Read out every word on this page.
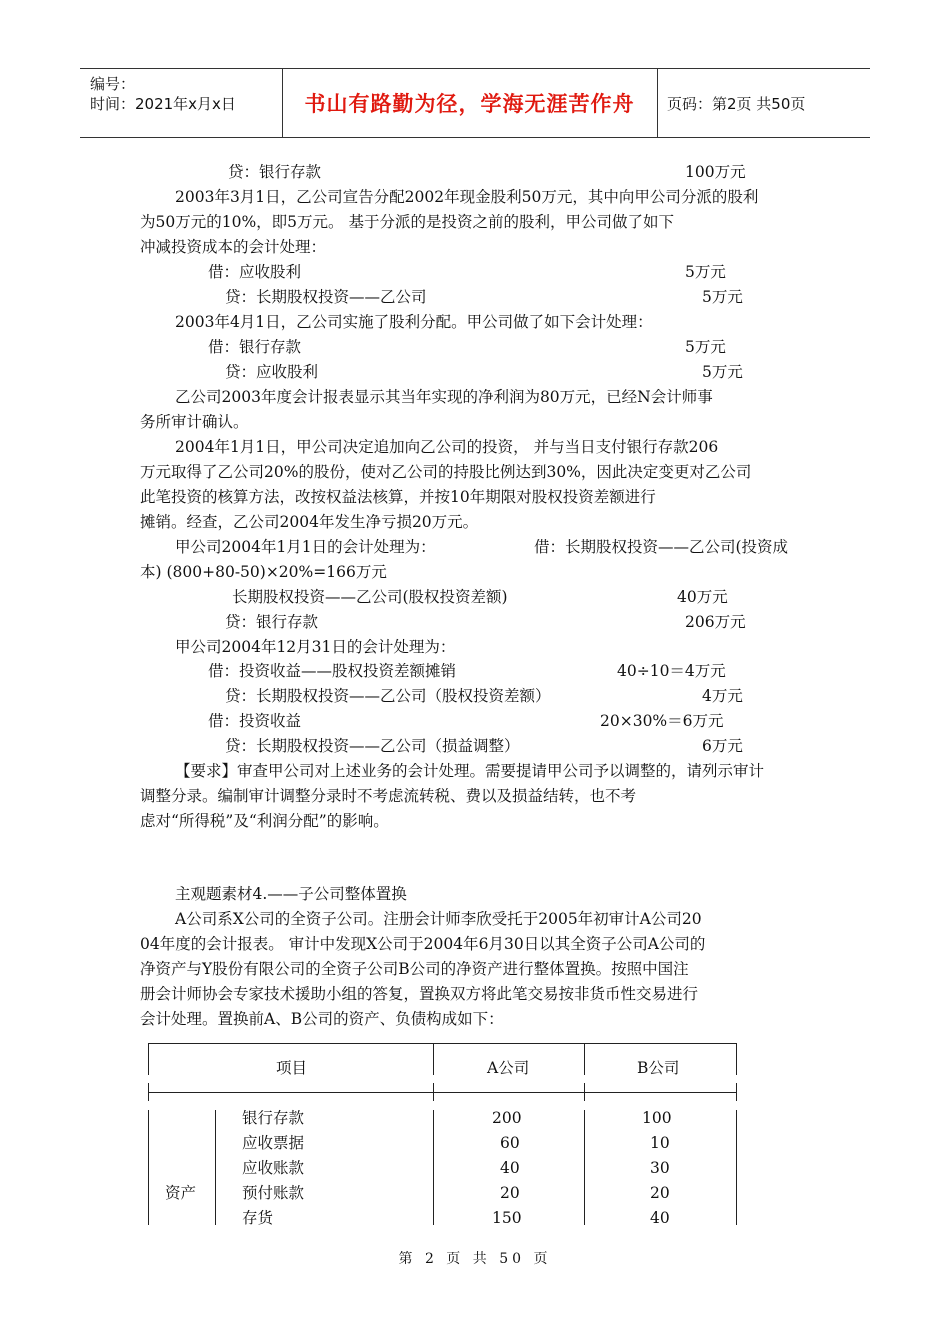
编号：
时间：2021年x月x日	书山有路勤为径，学海无涯苦作舟	页码：第2页 共50页
贷：银行存款	100万元
2003年3月1日，乙公司宣告分配2002年现金股利50万元，其中向甲公司分派的股利
为50万元的10%，即5万元。 基于分派的是投资之前的股利，甲公司做了如下
冲减投资成本的会计处理：
借：应收股利	5万元
贷：长期股权投资——乙公司	5万元
2003年4月1日，乙公司实施了股利分配。甲公司做了如下会计处理：
借：银行存款	5万元
贷：应收股利	5万元
乙公司2003年度会计报表显示其当年实现的净利润为80万元，已经N会计师事
务所审计确认。
2004年1月1日，甲公司决定追加向乙公司的投资， 并与当日支付银行存款206
万元取得了乙公司20%的股份，使对乙公司的持股比例达到30%，因此决定变更对乙公司
此笔投资的核算方法，改按权益法核算，并按10年期限对股权投资差额进行
摊销。经查，乙公司2004年发生净亏损20万元。
甲公司2004年1月1日的会计处理为：	借：长期股权投资——乙公司(投资成
本) (800+80-50)×20%=166万元
长期股权投资——乙公司(股权投资差额)	40万元
贷：银行存款	206万元
甲公司2004年12月31日的会计处理为：
借：投资收益——股权投资差额摊销	40÷10＝4万元
贷：长期股权投资——乙公司（股权投资差额）	4万元
借：投资收益	20×30%＝6万元
贷：长期股权投资——乙公司（损益调整）	6万元
【要求】审查甲公司对上述业务的会计处理。需要提请甲公司予以调整的，请列示审计
调整分录。编制审计调整分录时不考虑流转税、费以及损益结转，也不考
虑对“所得税”及“利润分配”的影响。
主观题素材4.——子公司整体置换
A公司系X公司的全资子公司。注册会计师李欣受托于2005年初审计A公司20
04年度的会计报表。 审计中发现X公司于2004年6月30日以其全资子公司A公司的
净资产与Y股份有限公司的全资子公司B公司的净资产进行整体置换。按照中国注
册会计师协会专家技术援助小组的答复，置换双方将此笔交易按非货币性交易进行
会计处理。置换前A、B公司的资产、负债构成如下：
项目	A公司	B公司
资产
银行存款	200	100
应收票据	60	10
应收账款	40	30
预付账款	20	20
存货	150	40
第 2 页 共 50 页
